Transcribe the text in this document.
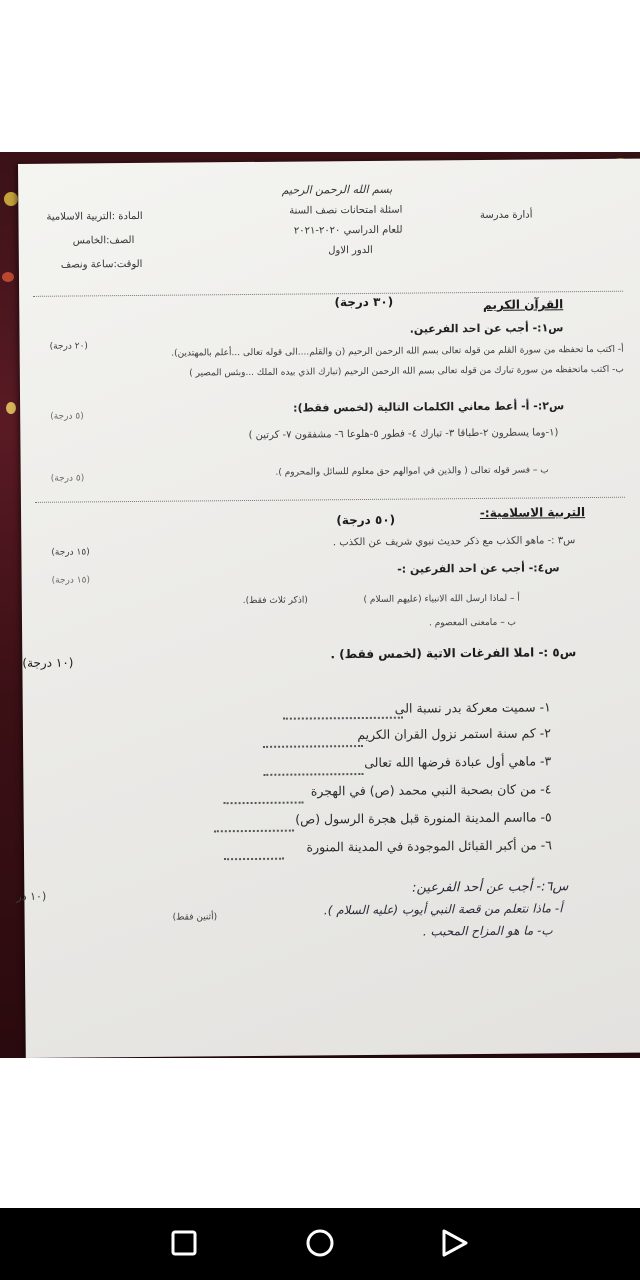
بسم الله الرحمن الرحيم
اسئلة امتحانات نصف السنة
للعام الدراسي ٢٠٢٠-٢٠٢١
الدور الاول
أدارة مدرسة
المادة :التربية الاسلامية
الصف:الخامس
الوقت:ساعة ونصف
القرآن الكريم
(٣٠ درجة)
س١:- أجب عن احد الفرعين.
أ- اكتب ما تحفظه من سورة القلم من قوله تعالى بسم الله الرحمن الرحيم (ن والقلم....الى قوله تعالى ...أعلم بالمهتدين).
(٢٠ درجة)
ب- اكتب ماتحفظه من سورة تبارك من قوله تعالى بسم الله الرحمن الرحيم (تبارك الذي بيده الملك ...وبئس المصير )
س٢:- أ- أعط معاني الكلمات التالية (لخمس فقط):
(٥ درجة)
(١-وما يسطرون ٢-طباقا ٣- تبارك ٤- فطور ٥-هلوعا ٦- مشفقون ٧- كرتين )
ب – فسر قوله تعالى ( والذين في اموالهم حق معلوم للسائل والمحروم ).
(٥ درجة)
التربية الاسلامية:-
(٥٠ درجة)
س٣ :- ماهو الكذب مع ذكر حديث نبوي شريف عن الكذب .
(١٥ درجة)
س٤:- أجب عن احد الفرعين :-
(١٥ درجة)
أ – لماذا ارسل الله الانبياء (عليهم السلام )
(اذكر ثلاث فقط).
ب – مامعنى المعصوم .
س٥ :- املا الفرغات الاتية (لخمس فقط) .
(١٠ درجة)
١- سميت معركة بدر نسبة الى
٢- كم سنة استمر نزول القران الكريم
٣- ماهي أول عبادة فرضها الله تعالى
٤- من كان بصحبة النبي محمد (ص) في الهجرة
٥- مااسم المدينة المنورة قبل هجرة الرسول (ص)
٦- من أكبر القبائل الموجودة في المدينة المنورة
س٦:- أجب عن أحد الفرعين:
(١٠ در
أ- ماذا نتعلم من قصة النبي أيوب (عليه السلام ).
(أثنين فقط)
ب- ما هو المزاح المحبب .
